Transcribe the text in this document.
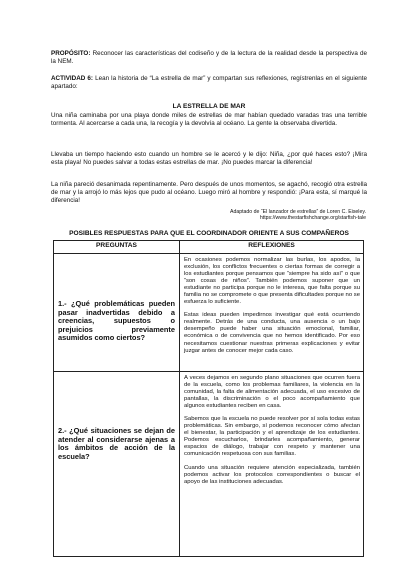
PROPÓSITO: Reconocer las características del codiseño y de la lectura de la realidad desde la perspectiva de la NEM.

ACTIVIDAD 6: Lean la historia de “La estrella de mar” y compartan sus reflexiones, regístrenlas en el siguiente apartado:

LA ESTRELLA DE MAR

Una niña caminaba por una playa donde miles de estrellas de mar habían quedado varadas tras una terrible tormenta. Al acercarse a cada una, la recogía y la devolvía al océano. La gente la observaba divertida.

Llevaba un tiempo haciendo esto cuando un hombre se le acercó y le dijo: Niña, ¿por qué haces esto? ¡Mira esta playa! No puedes salvar a todas estas estrellas de mar. ¡No puedes marcar la diferencia!

La niña pareció desanimada repentinamente. Pero después de unos momentos, se agachó, recogió otra estrella de mar y la arrojó lo más lejos que pudo al océano. Luego miró al hombre y respondió: ¡Para esta, sí marqué la diferencia!

Adaptado de “El lanzador de estrellas” de Loren C. Eiseley.
https://www.thestarfishchange.org/starfish-tale

POSIBLES RESPUESTAS PARA QUE EL COORDINADOR ORIENTE A SUS COMPAÑEROS

PREGUNTAS	REFLEXIONES

1.- ¿Qué problemáticas pueden pasar inadvertidas debido a creencias, supuestos o prejuicios previamente asumidos como ciertos?	En ocasiones podemos normalizar las burlas, los apodos, la exclusión, los conflictos frecuentes o ciertas formas de corregir a los estudiantes porque pensamos que “siempre ha sido así” o que “son cosas de niños”. También podemos suponer que un estudiante no participa porque no le interesa, que falta porque su familia no se compromete o que presenta dificultades porque no se esfuerza lo suficiente.

Estas ideas pueden impedirnos investigar qué está ocurriendo realmente. Detrás de una conducta, una ausencia o un bajo desempeño puede haber una situación emocional, familiar, económica o de convivencia que no hemos identificado. Por eso necesitamos cuestionar nuestras primeras explicaciones y evitar juzgar antes de conocer mejor cada caso.

2.- ¿Qué situaciones se dejan de atender al considerarse ajenas a los ámbitos de acción de la escuela?	A veces dejamos en segundo plano situaciones que ocurren fuera de la escuela, como los problemas familiares, la violencia en la comunidad, la falta de alimentación adecuada, el uso excesivo de pantallas, la discriminación o el poco acompañamiento que algunos estudiantes reciben en casa.

Sabemos que la escuela no puede resolver por sí sola todas estas problemáticas. Sin embargo, sí podemos reconocer cómo afectan el bienestar, la participación y el aprendizaje de los estudiantes. Podemos escucharlos, brindarles acompañamiento, generar espacios de diálogo, trabajar con respeto y mantener una comunicación respetuosa con sus familias.

Cuando una situación requiere atención especializada, también podemos activar los protocolos correspondientes o buscar el apoyo de las instituciones adecuadas.
